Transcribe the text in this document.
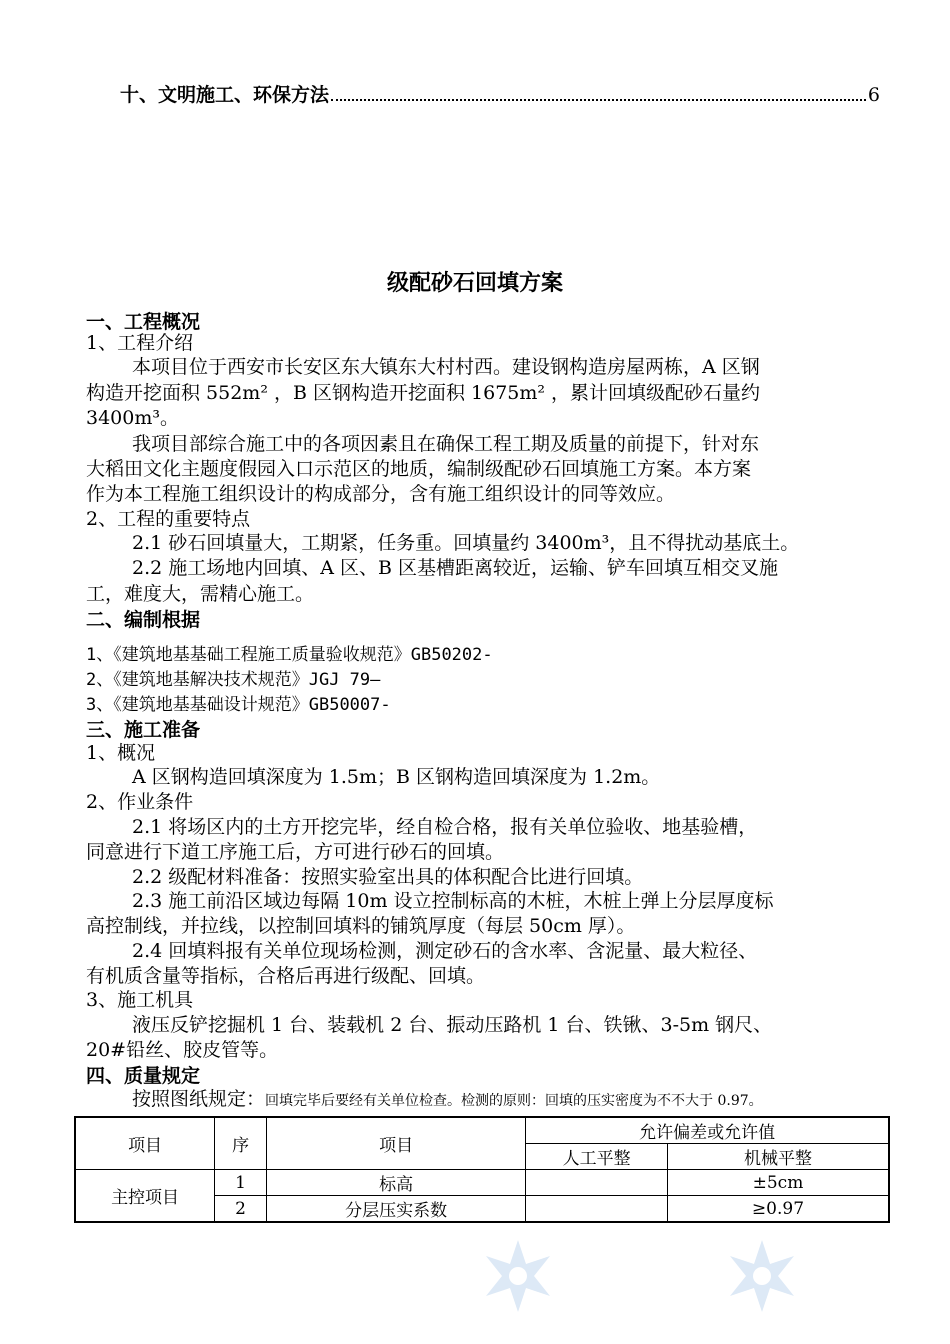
十、文明施工、环保方法	6
级配砂石回填方案
一、工程概况
1、工程介绍
本项目位于西安市长安区东大镇东大村村西。建设钢构造房屋两栋，A 区钢
构造开挖面积 552m² ，B 区钢构造开挖面积 1675m² ，累计回填级配砂石量约
3400m³。
我项目部综合施工中的各项因素且在确保工程工期及质量的前提下，针对东
大稻田文化主题度假园入口示范区的地质，编制级配砂石回填施工方案。本方案
作为本工程施工组织设计的构成部分，含有施工组织设计的同等效应。
2、工程的重要特点
2.1 砂石回填量大，工期紧，任务重。回填量约 3400m³，且不得扰动基底土。
2.2 施工场地内回填、A 区、B 区基槽距离较近，运输、铲车回填互相交叉施
工，难度大，需精心施工。
二、编制根据
1、《建筑地基基础工程施工质量验收规范》GB50202-
2、《建筑地基解决技术规范》JGJ 79—
3、《建筑地基基础设计规范》GB50007-
三、施工准备
1、概况
A 区钢构造回填深度为 1.5m；B 区钢构造回填深度为 1.2m。
2、作业条件
2.1 将场区内的土方开挖完毕，经自检合格，报有关单位验收、地基验槽，
同意进行下道工序施工后，方可进行砂石的回填。
2.2 级配材料准备：按照实验室出具的体积配合比进行回填。
2.3 施工前沿区域边每隔 10m 设立控制标高的木桩，木桩上弹上分层厚度标
高控制线，并拉线，以控制回填料的铺筑厚度（每层 50cm 厚）。
2.4 回填料报有关单位现场检测，测定砂石的含水率、含泥量、最大粒径、
有机质含量等指标，合格后再进行级配、回填。
3、施工机具
液压反铲挖掘机 1 台、装载机 2 台、振动压路机 1 台、铁锹、3-5m 钢尺、
20#铅丝、胶皮管等。
四、质量规定
按照图纸规定：回填完毕后要经有关单位检查。检测的原则：回填的压实密度为不不大于 0.97。
项目	序	项目	允许偏差或允许值	
			人工平整	机械平整
主控项目	1	标高		±5cm
	2	分层压实系数		≥0.97
